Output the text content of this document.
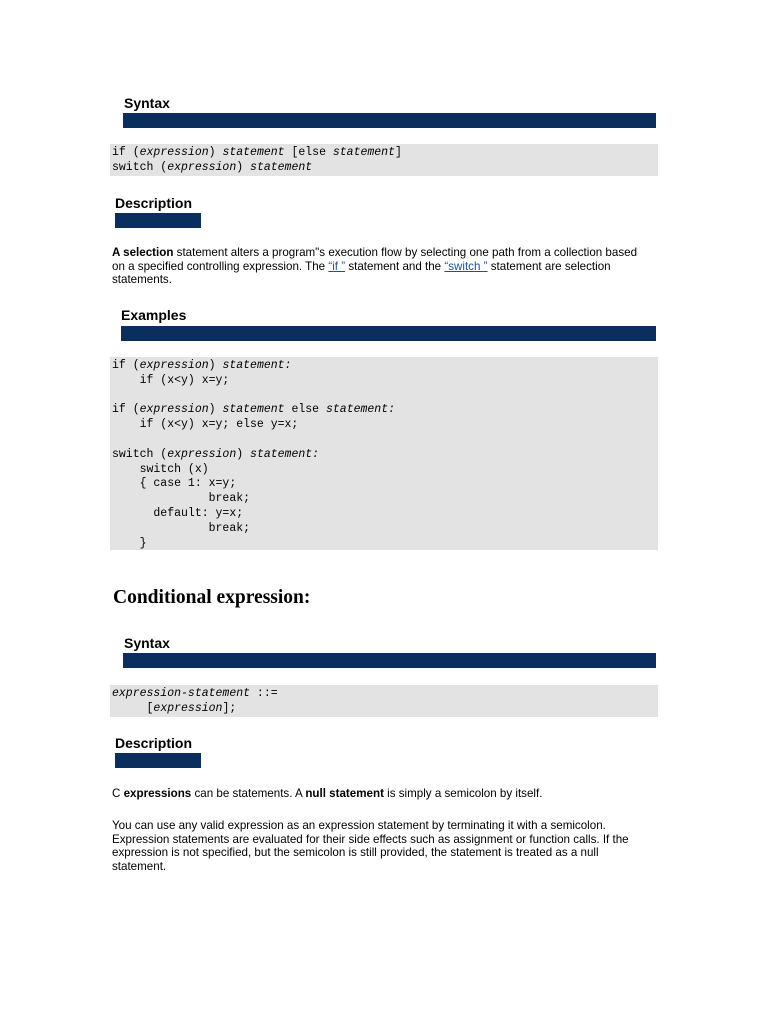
Syntax
if (expression) statement [else statement]
switch (expression) statement
Description
A selection statement alters a program"s execution flow by selecting one path from a collection based on a specified controlling expression. The “if ” statement and the “switch ” statement are selection statements.
Examples
if (expression) statement:
if (x<y) x=y;

if (expression) statement else statement:
if (x<y) x=y; else y=x;

switch (expression) statement:
switch (x)
{ case 1: x=y;
break;
default: y=x;
break;
}
Conditional expression:
Syntax
expression-statement ::=
[expression];
Description
C expressions can be statements. A null statement is simply a semicolon by itself.
You can use any valid expression as an expression statement by terminating it with a semicolon. Expression statements are evaluated for their side effects such as assignment or function calls. If the expression is not specified, but the semicolon is still provided, the statement is treated as a null statement.
